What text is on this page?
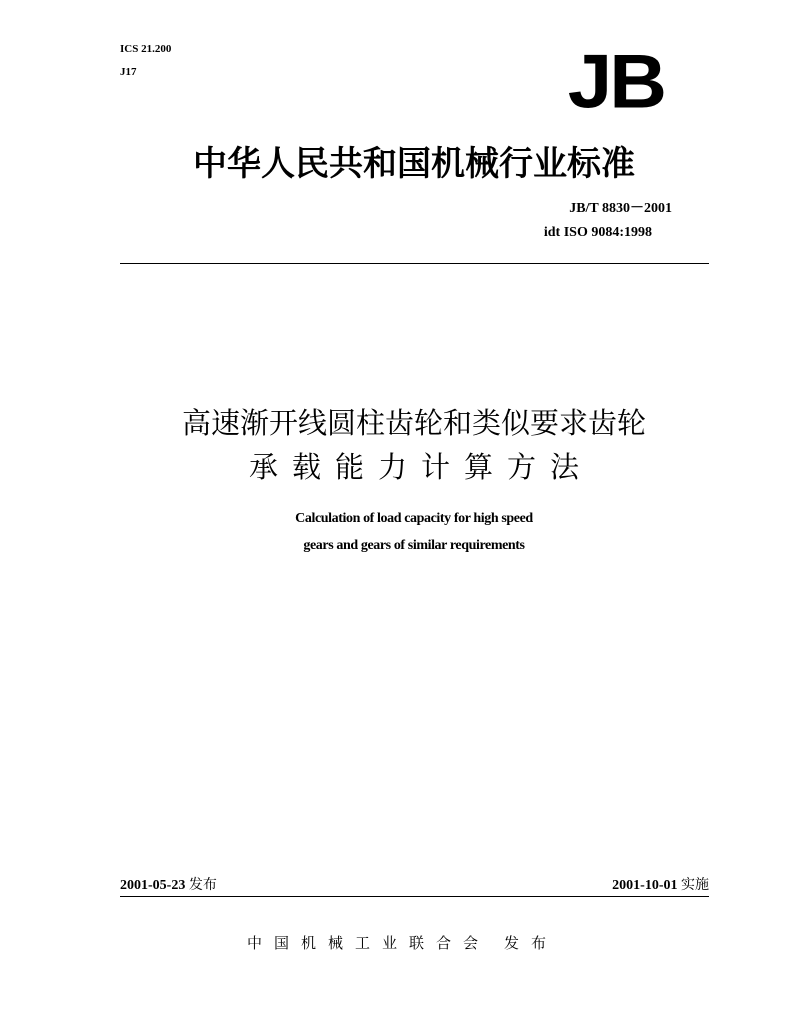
ICS 21.200
J17	JB
中华人民共和国机械行业标准
JB/T 8830－2001
idt ISO 9084:1998
高速渐开线圆柱齿轮和类似要求齿轮
承载能力计算方法
Calculation of load capacity for high speed
gears and gears of similar requirements
2001-05-23 发布	2001-10-01 实施
中国机械工业联合会 发布
